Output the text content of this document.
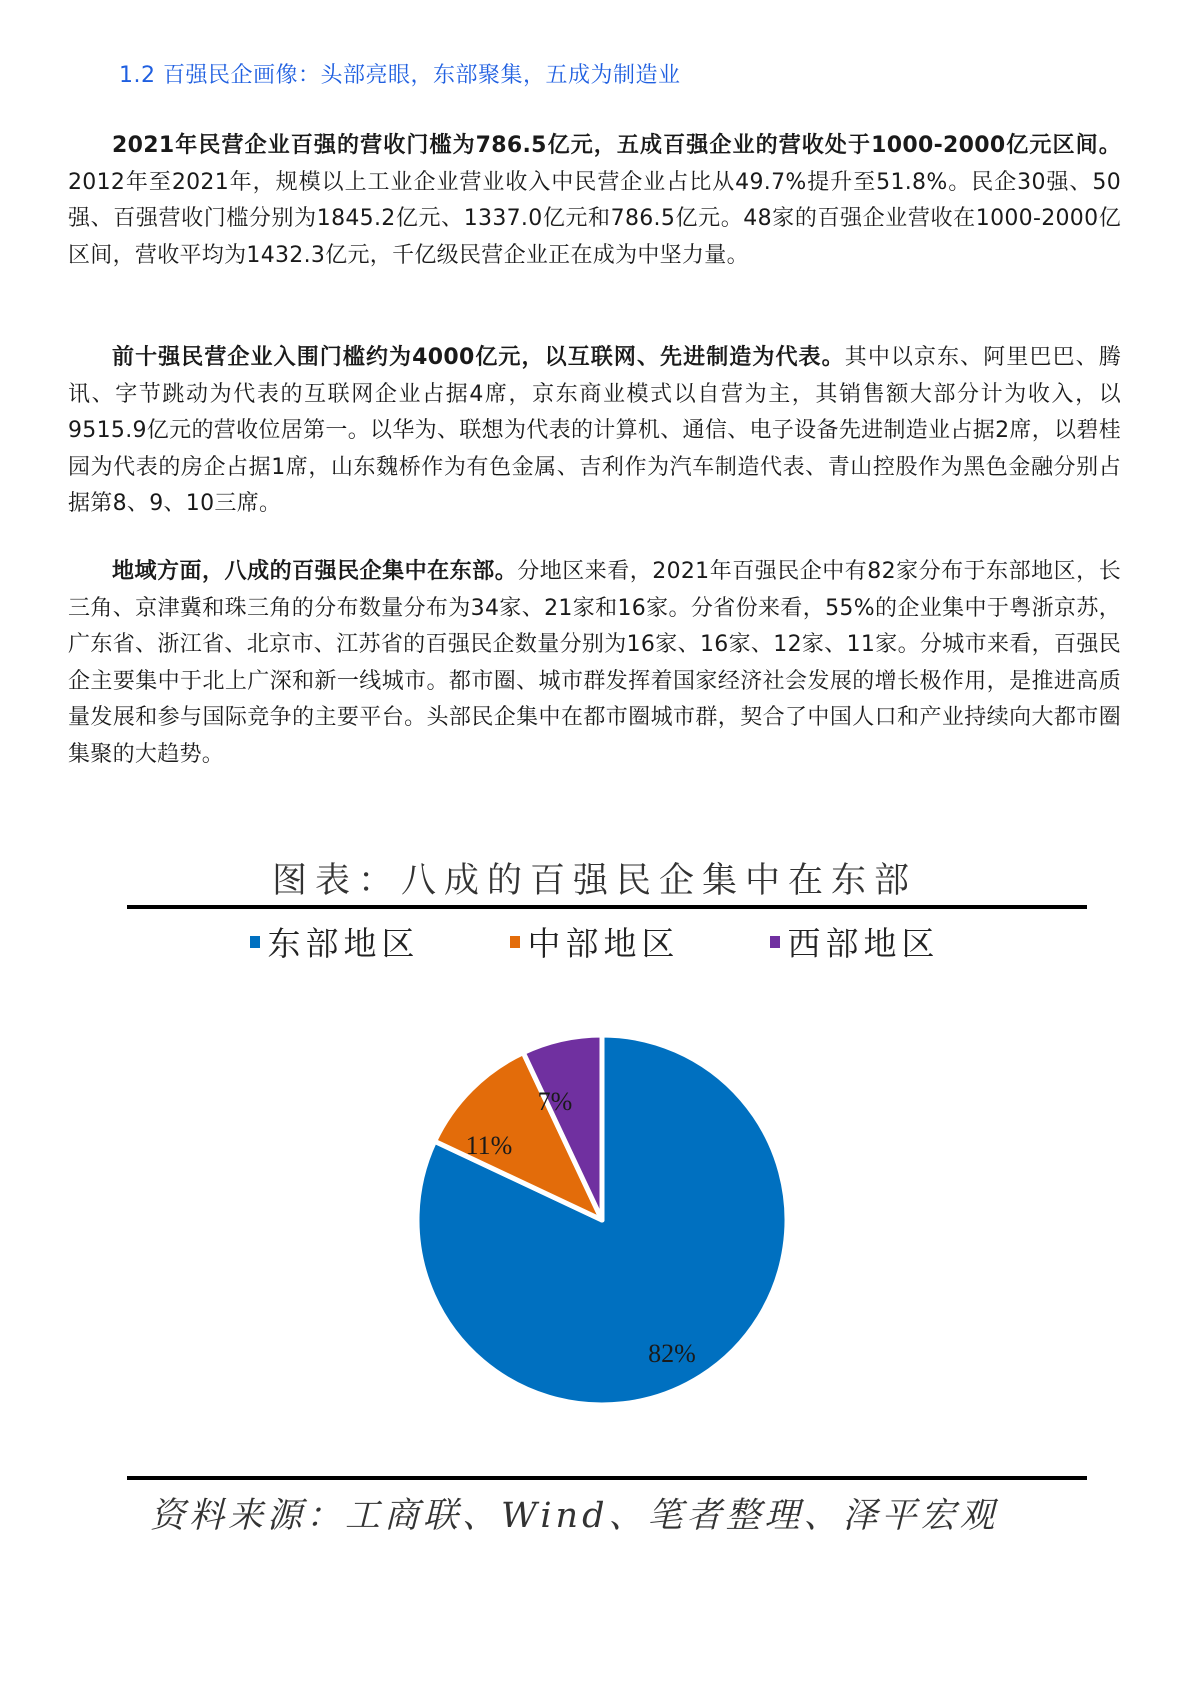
1.2 百强民企画像：头部亮眼，东部聚集，五成为制造业
2021年民营企业百强的营收门槛为786.5亿元，五成百强企业的营收处于1000-2000亿元区间。2012年至2021年，规模以上工业企业营业收入中民营企业占比从49.7%提升至51.8%。民企30强、50强、百强营收门槛分别为1845.2亿元、1337.0亿元和786.5亿元。48家的百强企业营收在1000-2000亿区间，营收平均为1432.3亿元，千亿级民营企业正在成为中坚力量。
前十强民营企业入围门槛约为4000亿元，以互联网、先进制造为代表。其中以京东、阿里巴巴、腾讯、字节跳动为代表的互联网企业占据4席，京东商业模式以自营为主，其销售额大部分计为收入，以9515.9亿元的营收位居第一。以华为、联想为代表的计算机、通信、电子设备先进制造业占据2席，以碧桂园为代表的房企占据1席，山东魏桥作为有色金属、吉利作为汽车制造代表、青山控股作为黑色金融分别占据第8、9、10三席。
地域方面，八成的百强民企集中在东部。分地区来看，2021年百强民企中有82家分布于东部地区，长三角、京津冀和珠三角的分布数量分布为34家、21家和16家。分省份来看，55%的企业集中于粤浙京苏，广东省、浙江省、北京市、江苏省的百强民企数量分别为16家、16家、12家、11家。分城市来看，百强民企主要集中于北上广深和新一线城市。都市圈、城市群发挥着国家经济社会发展的增长极作用，是推进高质量发展和参与国际竞争的主要平台。头部民企集中在都市圈城市群，契合了中国人口和产业持续向大都市圈集聚的大趋势。
图表：八成的百强民企集中在东部
东部地区	中部地区	西部地区
82%
11%
7%
资料来源：工商联、Wind、笔者整理、泽平宏观
